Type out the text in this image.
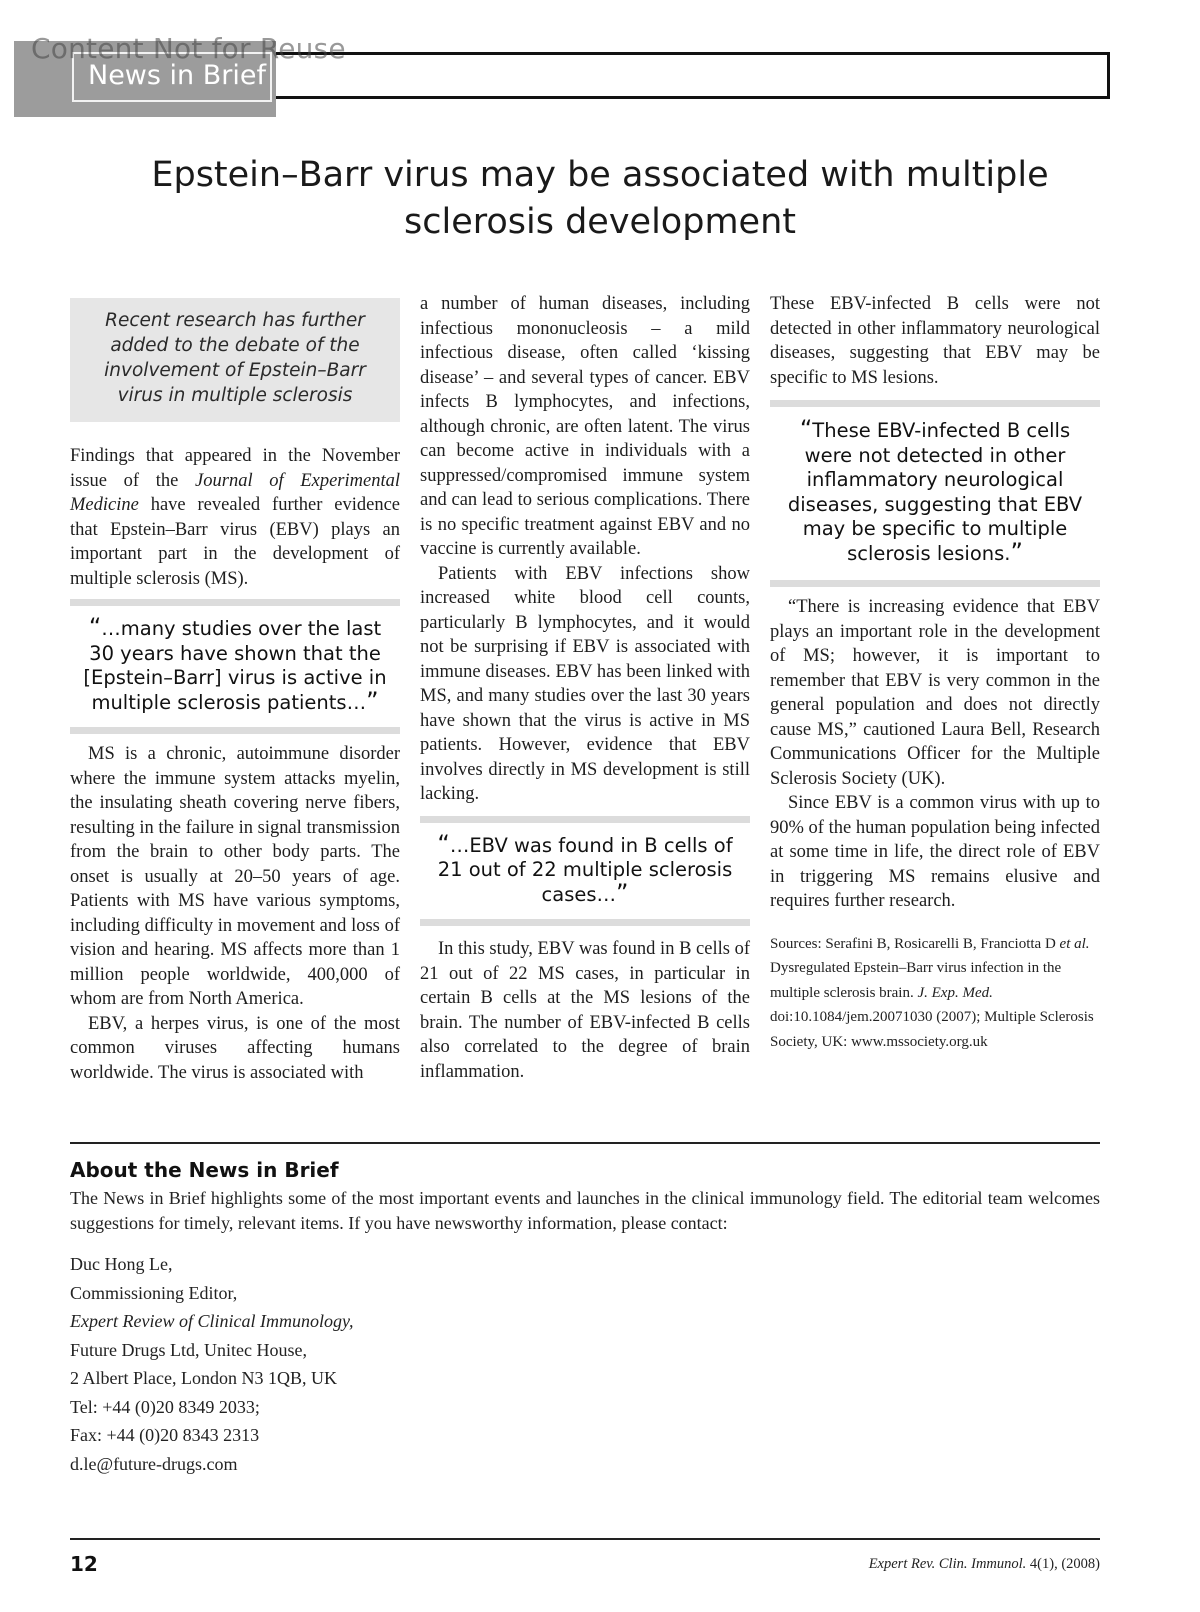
News in Brief
Content Not for Reuse
Epstein–Barr virus may be associated with multiple sclerosis development
Recent research has further added to the debate of the involvement of Epstein–Barr virus in multiple sclerosis

Findings that appeared in the November issue of the Journal of Experimental Medicine have revealed further evidence that Epstein–Barr virus (EBV) plays an important part in the development of multiple sclerosis (MS).

“…many studies over the last 30 years have shown that the [Epstein–Barr] virus is active in multiple sclerosis patients…”

MS is a chronic, autoimmune disorder where the immune system attacks myelin, the insulating sheath covering nerve fibers, resulting in the failure in signal transmission from the brain to other body parts. The onset is usually at 20–50 years of age. Patients with MS have various symptoms, including difficulty in movement and loss of vision and hearing. MS affects more than 1 million people worldwide, 400,000 of whom are from North America.

EBV, a herpes virus, is one of the most common viruses affecting humans worldwide. The virus is associated with

a number of human diseases, including infectious mononucleosis – a mild infectious disease, often called ‘kissing disease’ – and several types of cancer. EBV infects B lymphocytes, and infections, although chronic, are often latent. The virus can become active in individuals with a suppressed/compromised immune system and can lead to serious complications. There is no specific treatment against EBV and no vaccine is currently available.

Patients with EBV infections show increased white blood cell counts, particularly B lymphocytes, and it would not be surprising if EBV is associated with immune diseases. EBV has been linked with MS, and many studies over the last 30 years have shown that the virus is active in MS patients. However, evidence that EBV involves directly in MS development is still lacking.

“…EBV was found in B cells of 21 out of 22 multiple sclerosis cases…”

In this study, EBV was found in B cells of 21 out of 22 MS cases, in particular in certain B cells at the MS lesions of the brain. The number of EBV-infected B cells also correlated to the degree of brain inflammation.

These EBV-infected B cells were not detected in other inflammatory neurological diseases, suggesting that EBV may be specific to MS lesions.

“These EBV-infected B cells were not detected in other inflammatory neurological diseases, suggesting that EBV may be specific to multiple sclerosis lesions.”

“There is increasing evidence that EBV plays an important role in the development of MS; however, it is important to remember that EBV is very common in the general population and does not directly cause MS,” cautioned Laura Bell, Research Communications Officer for the Multiple Sclerosis Society (UK).

Since EBV is a common virus with up to 90% of the human population being infected at some time in life, the direct role of EBV in triggering MS remains elusive and requires further research.

Sources: Serafini B, Rosicarelli B, Franciotta D et al. Dysregulated Epstein–Barr virus infection in the multiple sclerosis brain. J. Exp. Med. doi:10.1084/jem.20071030 (2007); Multiple Sclerosis Society, UK: www.mssociety.org.uk

About the News in Brief
The News in Brief highlights some of the most important events and launches in the clinical immunology field. The editorial team welcomes suggestions for timely, relevant items. If you have newsworthy information, please contact:
Duc Hong Le,
Commissioning Editor,
Expert Review of Clinical Immunology,
Future Drugs Ltd, Unitec House,
2 Albert Place, London N3 1QB, UK
Tel: +44 (0)20 8349 2033;
Fax: +44 (0)20 8343 2313
d.le@future-drugs.com
12	Expert Rev. Clin. Immunol. 4(1), (2008)
